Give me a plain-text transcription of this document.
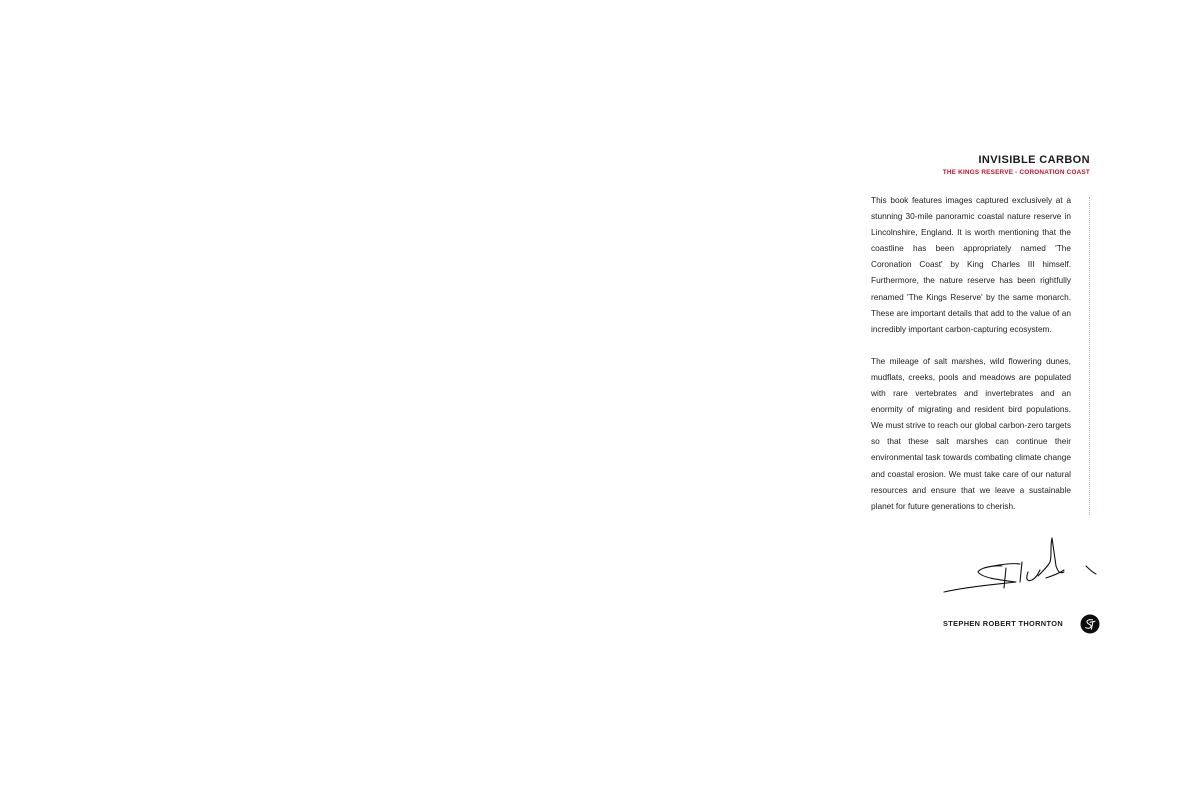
INVISIBLE CARBON
THE KINGS RESERVE - CORONATION COAST

This book features images captured exclusively at a stunning 30-mile panoramic coastal nature reserve in Lincolnshire, England. It is worth mentioning that the coastline has been appropriately named 'The Coronation Coast' by King Charles III himself. Furthermore, the nature reserve has been rightfully renamed 'The Kings Reserve' by the same monarch. These are important details that add to the value of an incredibly important carbon-capturing ecosystem.

The mileage of salt marshes, wild flowering dunes, mudflats, creeks, pools and meadows are populated with rare vertebrates and invertebrates and an enormity of migrating and resident bird populations. We must strive to reach our global carbon-zero targets so that these salt marshes can continue their environmental task towards combating climate change and coastal erosion. We must take care of our natural resources and ensure that we leave a sustainable planet for future generations to cherish.

STEPHEN ROBERT THORNTON
